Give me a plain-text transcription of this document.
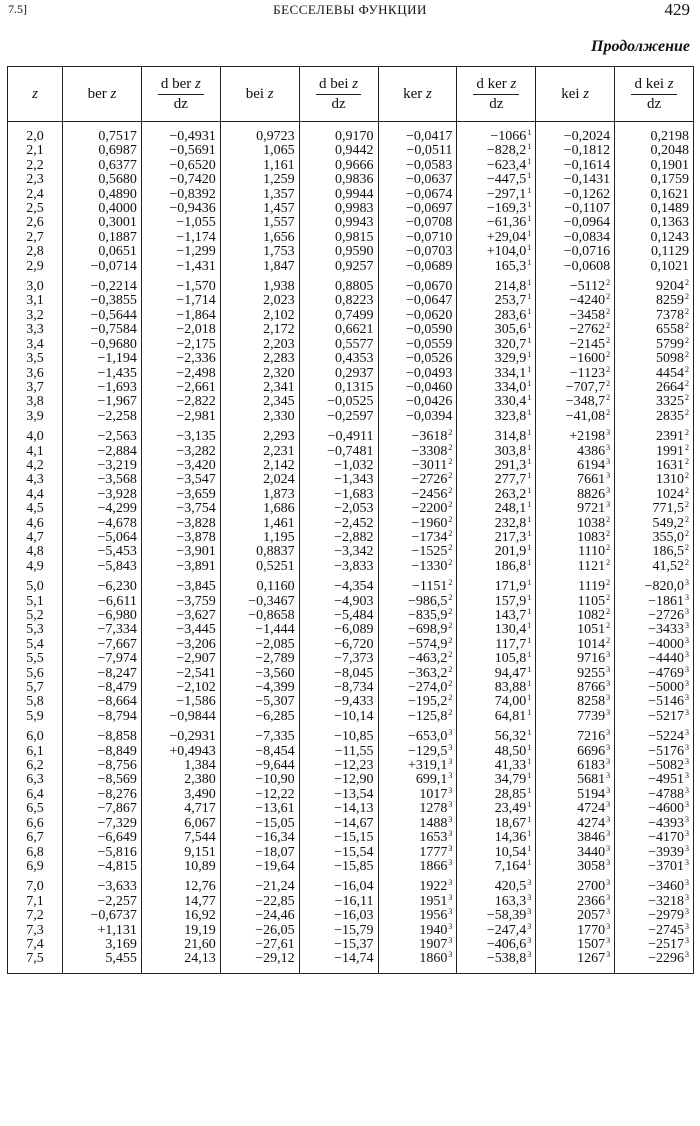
7.5]	БЕССЕЛЕВЫ ФУНКЦИИ	429
Продолжение
z	ber z	$\frac{\text{d ber z}}{dz}$	bei z	$\frac{\text{d bei z}}{dz}$	ker z	$\frac{\text{d ker z}}{dz}$	kei z	$\frac{\text{d kei z}}{dz}$

2,0	0,7517	−0,4931	0,9723	0,9170	−0,0417	$-1066^1$	−0,2024	0,2198
2,1	0,6987	−0,5691	1,065	0,9442	−0,0511	$-828,2^1$	−0,1812	0,2048
2,2	0,6377	−0,6520	1,161	0,9666	−0,0583	$-623,4^1$	−0,1614	0,1901
2,3	0,5680	−0,7420	1,259	0,9836	−0,0637	$-447,5^1$	−0,1431	0,1759
2,4	0,4890	−0,8392	1,357	0,9944	−0,0674	$-297,1^1$	−0,1262	0,1621
2,5	0,4000	−0,9436	1,457	0,9983	−0,0697	$-169,3^1$	−0,1107	0,1489
2,6	0,3001	−1,055	1,557	0,9943	−0,0708	$-61,36^1$	−0,0964	0,1363
2,7	0,1887	−1,174	1,656	0,9815	−0,0710	$+29,04^1$	−0,0834	0,1243
2,8	0,0651	−1,299	1,753	0,9590	−0,0703	$+104,0^1$	−0,0716	0,1129
2,9	−0,0714	−1,431	1,847	0,9257	−0,0689	$165,3^1$	−0,0608	0,1021
3,0	−0,2214	−1,570	1,938	0,8805	−0,0670	$214,8^1$	$-5112^2$	9204$^2$
3,1	−0,3855	−1,714	2,023	0,8223	−0,0647	$253,7^1$	$-4240^2$	8259$^2$
3,2	−0,5644	−1,864	2,102	0,7499	−0,0620	$283,6^1$	$-3458^2$	7378$^2$
3,3	−0,7584	−2,018	2,172	0,6621	−0,0590	$305,6^1$	$-2762^2$	6558$^2$
3,4	−0,9680	−2,175	2,203	0,5577	−0,0559	$320,7^1$	$-2145^2$	5799$^2$
3,5	−1,194	−2,336	2,283	0,4353	−0,0526	$329,9^1$	$-1600^2$	5098$^2$
3,6	−1,435	−2,498	2,320	0,2937	−0,0493	$334,1^1$	$-1123^2$	4454$^2$
3,7	−1,693	−2,661	2,341	0,1315	−0,0460	$334,0^1$	$-707,7^2$	2664$^2$
3,8	−1,967	−2,822	2,345	−0,0525	−0,0426	$330,4^1$	$-348,7^2$	3325$^2$
3,9	−2,258	−2,981	2,330	−0,2597	−0,0394	$323,8^1$	$-41,08^2$	2835$^2$
4,0	−2,563	−3,135	2,293	−0,4911	$-3618^2$	$314,8^1$	$+2198^3$	2391$^2$
4,1	−2,884	−3,282	2,231	−0,7481	$-3308^2$	303,8$^1$	4386$^3$	1991$^2$
4,2	−3,219	−3,420	2,142	−1,032	$-3011^2$	291,3$^1$	6194$^3$	1631$^2$
4,3	−3,568	−3,547	2,024	−1,343	$-2726^2$	277,7$^1$	7661$^3$	1310$^2$
4,4	−3,928	−3,659	1,873	−1,683	$-2456^2$	263,2$^1$	8826$^3$	1024$^2$
4,5	−4,299	−3,754	1,686	−2,053	$-2200^2$	248,1$^1$	9721$^3$	771,5$^2$
4,6	−4,678	−3,828	1,461	−2,452	$-1960^2$	232,8$^1$	1038$^2$	549,2$^2$
4,7	−5,064	−3,878	1,195	−2,882	$-1734^2$	217,3$^1$	1083$^2$	355,0$^2$
4,8	−5,453	−3,901	0,8837	−3,342	$-1525^2$	201,9$^1$	1110$^2$	186,5$^2$
4,9	−5,843	−3,891	0,5251	−3,833	$-1330^2$	186,8$^1$	1121$^2$	41,52$^2$
5,0	−6,230	−3,845	0,1160	−4,354	$-1151^2$	171,9$^1$	$1119^2$	$-820,0^3$
5,1	−6,611	−3,759	−0,3467	−4,903	$-986,5^2$	157,9$^1$	$1105^2$	$-1861^3$
5,2	−6,980	−3,627	−0,8658	−5,484	$-835,9^2$	143,7$^1$	$1082^2$	$-2726^3$
5,3	−7,334	−3,445	−1,444	−6,089	$-698,9^2$	130,4$^1$	$1051^2$	$-3433^3$
5,4	−7,667	−3,206	−2,085	−6,720	$-574,9^2$	117,7$^1$	$1014^2$	$-4000^3$
5,5	−7,974	−2,907	−2,789	−7,373	$-463,2^2$	105,8$^1$	$9716^3$	$-4440^3$
5,6	−8,247	−2,541	−3,560	−8,045	$-363,2^2$	94,47$^1$	$9255^3$	$-4769^3$
5,7	−8,479	−2,102	−4,399	−8,734	$-274,0^2$	83,88$^1$	$8766^3$	$-5000^3$
5,8	−8,664	−1,586	−5,307	−9,433	$-195,2^2$	74,00$^1$	$8258^3$	$-5146^3$
5,9	−8,794	−0,9844	−6,285	−10,14	$-125,8^2$	64,81$^1$	$7739^3$	$-5217^3$
6,0	−8,858	−0,2931	−7,335	−10,85	$-653,0^3$	56,32$^1$	$7216^3$	$-5224^3$
6,1	−8,849	+0,4943	−8,454	−11,55	$-129,5^3$	48,50$^1$	$6696^3$	$-5176^3$
6,2	−8,756	1,384	−9,644	−12,23	$+319,1^3$	41,33$^1$	$6183^3$	$-5082^3$
6,3	−8,569	2,380	−10,90	−12,90	699,1$^3$	34,79$^1$	$5681^3$	$-4951^3$
6,4	−8,276	3,490	−12,22	−13,54	1017$^3$	28,85$^1$	$5194^3$	$-4788^3$
6,5	−7,867	4,717	−13,61	−14,13	1278$^3$	23,49$^1$	$4724^3$	$-4600^3$
6,6	−7,329	6,067	−15,05	−14,67	1488$^3$	18,67$^1$	$4274^3$	$-4393^3$
6,7	−6,649	7,544	−16,34	−15,15	1653$^3$	14,36$^1$	$3846^3$	$-4170^3$
6,8	−5,816	9,151	−18,07	−15,54	1777$^3$	10,54$^1$	$3440^3$	$-3939^3$
6,9	−4,815	10,89	−19,64	−15,85	1866$^3$	7,164$^1$	$3058^3$	$-3701^3$
7,0	−3,633	12,76	−21,24	−16,04	1922$^3$	420,5$^3$	$2700^3$	$-3460^3$
7,1	−2,257	14,77	−22,85	−16,11	1951$^3$	163,3$^3$	$2366^3$	$-3218^3$
7,2	−0,6737	16,92	−24,46	−16,03	$1956^3$	$-58,39^3$	$2057^3$	$-2979^3$
7,3	+1,131	19,19	−26,05	−15,79	$1940^3$	$-247,4^3$	$1770^3$	$-2745^3$
7,4	3,169	21,60	−27,61	−15,37	$1907^3$	$-406,6^3$	$1507^3$	$-2517^3$
7,5	5,455	24,13	−29,12	−14,74	$1860^3$	$-538,8^3$	$1267^3$	$-2296^3$
